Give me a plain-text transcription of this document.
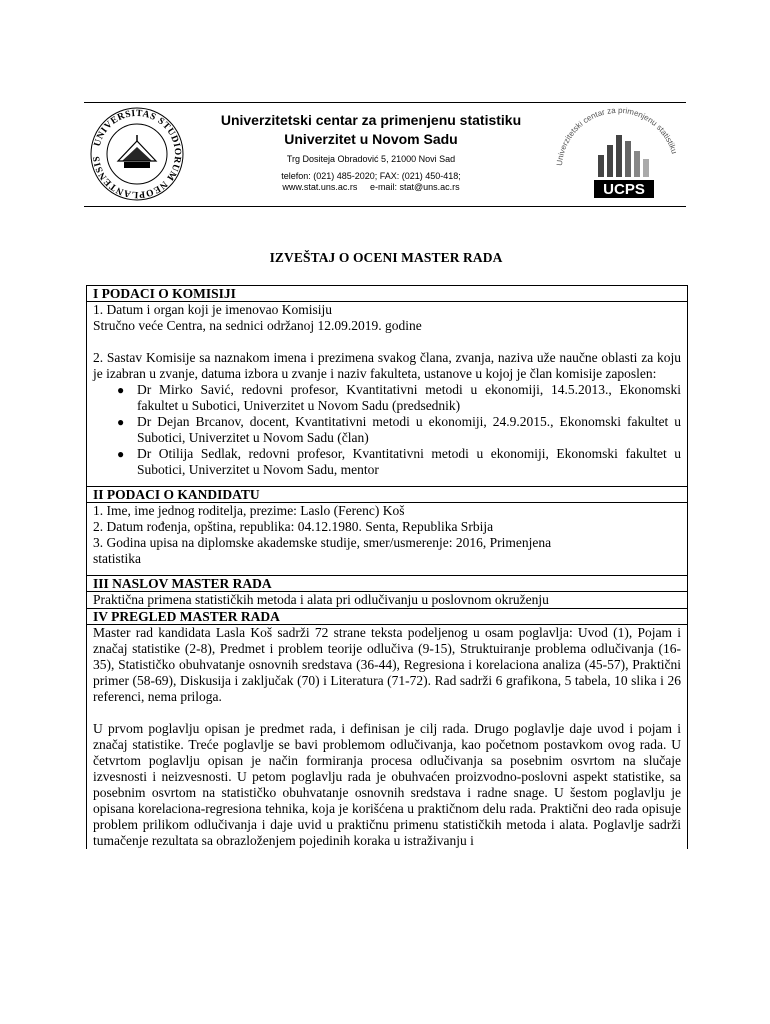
UNIVERSITAS STUDIORUM NEOPLANTENSIS
Univerzitetski centar za primenjenu statistiku
Univerzitet u Novom Sadu
Trg Dositeja Obradović 5, 21000 Novi Sad
telefon: (021) 485-2020; FAX: (021) 450-418;
www.stat.uns.ac.rs e-mail: stat@uns.ac.rs
Univerzitetski centar za primenjenu statistiku
UCPS
IZVEŠTAJ O OCENI MASTER RADA
I PODACI O KOMISIJI

1. Datum i organ koji je imenovao Komisiju

Stručno veće Centra, na sednici održanoj 12.09.2019. godine

2. Sastav Komisije sa naznakom imena i prezimena svakog člana, zvanja, naziva uže naučne oblasti za koju je izabran u zvanje, datuma izbora u zvanje i naziv fakulteta, ustanove u kojoj je član komisije zaposlen:

● Dr Mirko Savić, redovni profesor, Kvantitativni metodi u ekonomiji, 14.5.2013., Ekonomski fakultet u Subotici, Univerzitet u Novom Sadu (predsednik)
● Dr Dejan Brcanov, docent, Kvantitativni metodi u ekonomiji, 24.9.2015., Ekonomski fakultet u Subotici, Univerzitet u Novom Sadu (član)
● Dr Otilija Sedlak, redovni profesor, Kvantitativni metodi u ekonomiji, Ekonomski fakultet u Subotici, Univerzitet u Novom Sadu, mentor
II PODACI O KANDIDATU

1. Ime, ime jednog roditelja, prezime: Laslo (Ferenc) Koš

2. Datum rođenja, opština, republika: 04.12.1980. Senta, Republika Srbija

3. Godina upisa na diplomske akademske studije, smer/usmerenje: 2016, Primenjena

statistika

III NASLOV MASTER RADA

Praktična primena statističkih metoda i alata pri odlučivanju u poslovnom okruženju

IV PREGLED MASTER RADA

Master rad kandidata Lasla Koš sadrži 72 strane teksta podeljenog u osam poglavlja: Uvod (1), Pojam i značaj statistike (2-8), Predmet i problem teorije odlučiva (9-15), Struktuiranje problema odlučivanja (16-35), Statističko obuhvatanje osnovnih sredstava (36-44), Regresiona i korelaciona analiza (45-57), Praktični primer (58-69), Diskusija i zaključak (70) i Literatura (71-72). Rad sadrži 6 grafikona, 5 tabela, 10 slika i 26 referenci, nema priloga.

U prvom poglavlju opisan je predmet rada, i definisan je cilj rada. Drugo poglavlje daje uvod i pojam i značaj statistike. Treće poglavlje se bavi problemom odlučivanja, kao početnom postavkom ovog rada. U četvrtom poglavlju opisan je način formiranja procesa odlučivanja sa posebnim osvrtom na slučaje izvesnosti i neizvesnosti. U petom poglavlju rada je obuhvaćen proizvodno-poslovni aspekt statistike, sa posebnim osvrtom na statističko obuhvatanje osnovnih sredstava i radne snage. U šestom poglavlju je opisana korelaciona-regresiona tehnika, koja je korišćena u praktičnom delu rada. Praktični deo rada opisuje problem prilikom odlučivanja i daje uvid u praktičnu primenu statističkih metoda i alata. Poglavlje sadrži tumačenje rezultata sa obrazloženjem pojedinih koraka u istraživanju i
